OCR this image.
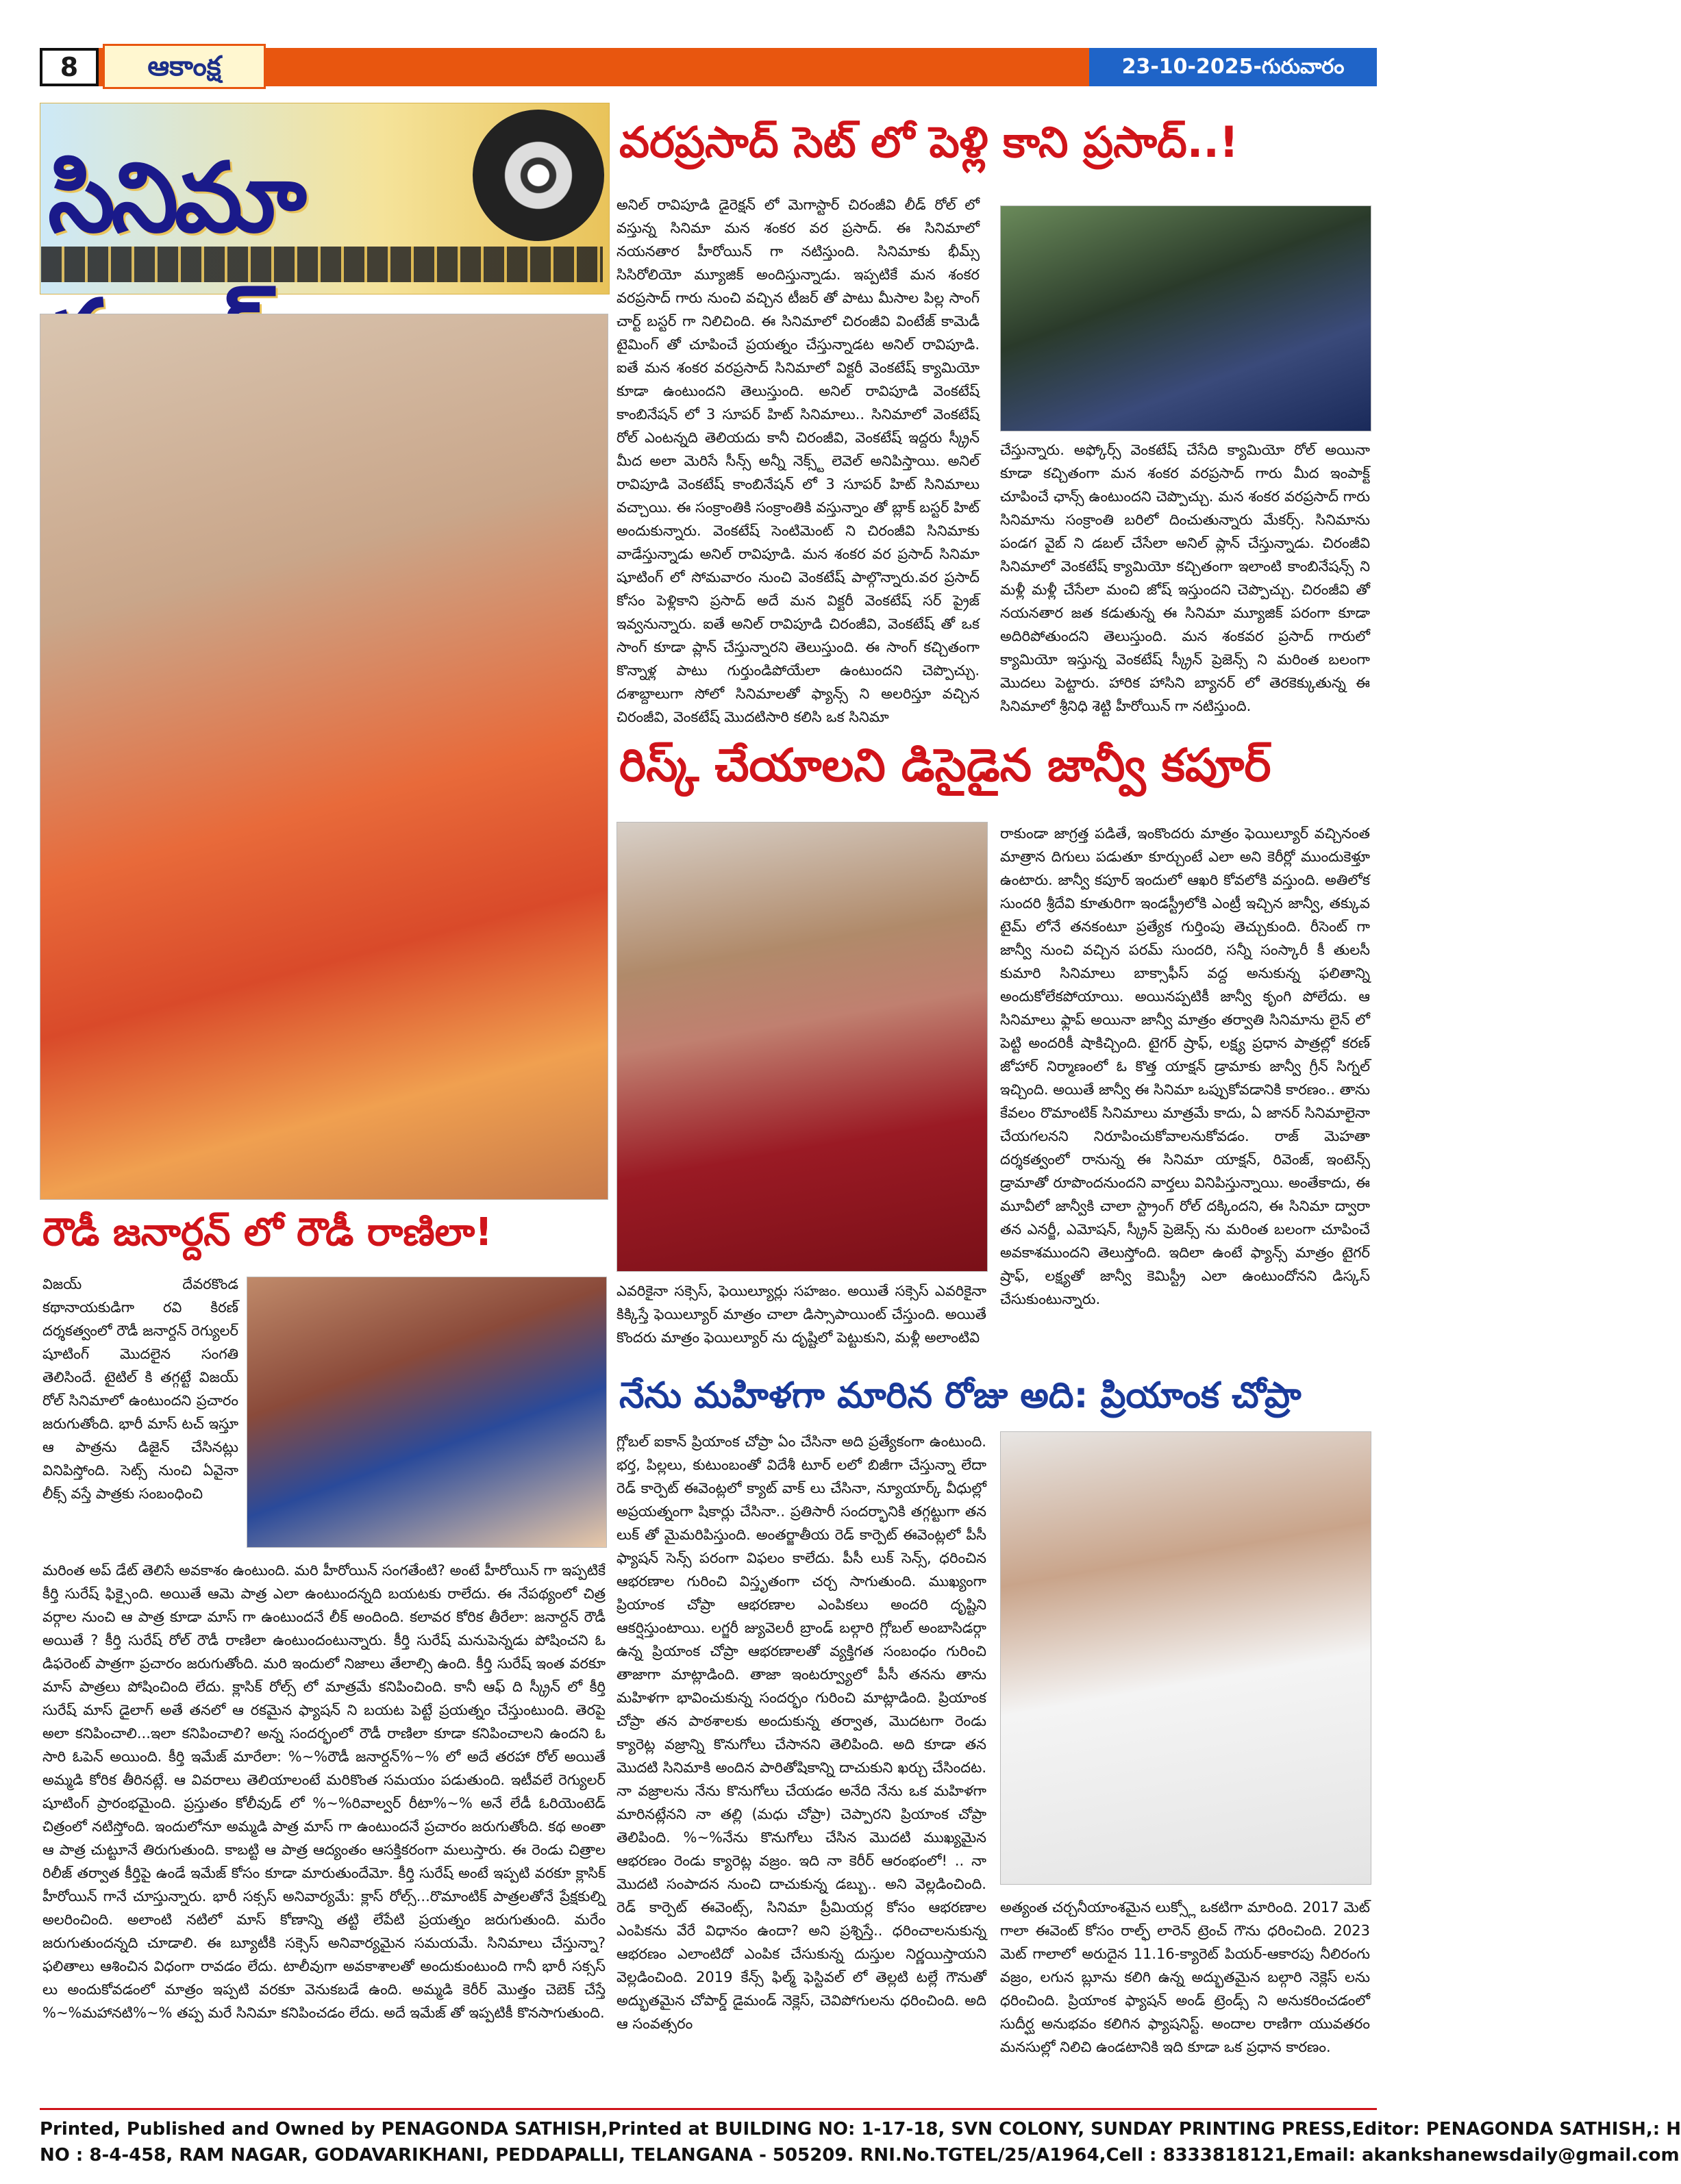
8	ఆకాంక్ష	23-10-2025-గురువారం
సినిమా
వరప్రసాద్ సెట్ లో పెళ్లి కాని ప్రసాద్..!
అనిల్ రావిపూడి డైరెక్షన్ లో మెగాస్టార్ చిరంజీవి లీడ్ రోల్ లో వస్తున్న సినిమా మన శంకర వర ప్రసాద్. ఈ సినిమాలో నయనతార హీరోయిన్ గా నటిస్తుంది. సినిమాకు భీమ్స్ సిసిరోలియో మ్యూజిక్ అందిస్తున్నాడు. ఇప్పటికే మన శంకర వరప్రసాద్ గారు నుంచి వచ్చిన టీజర్ తో పాటు మీసాల పిల్ల సాంగ్ చార్ట్ బస్టర్ గా నిలిచింది. ఈ సినిమాలో చిరంజీవి వింటేజ్ కామెడీ టైమింగ్ తో చూపించే ప్రయత్నం చేస్తున్నాడట అనిల్ రావిపూడి. ఐతే మన శంకర వరప్రసాద్ సినిమాలో విక్టరీ వెంకటేష్ క్యామియో కూడా ఉంటుందని తెలుస్తుంది. అనిల్ రావిపూడి వెంకటేష్ కాంబినేషన్ లో 3 సూపర్ హిట్ సినిమాలు.. సినిమాలో వెంకటేష్ రోల్ ఎంటన్నది తెలియదు కానీ చిరంజీవి, వెంకటేష్ ఇద్దరు స్క్రీన్ మీద అలా మెరిసే సీన్స్ అన్నీ నెక్స్ట్ లెవెల్ అనిపిస్తాయి. అనిల్ రావిపూడి వెంకటేష్ కాంబినేషన్ లో 3 సూపర్ హిట్ సినిమాలు వచ్చాయి. ఈ సంక్రాంతికి సంక్రాంతికి వస్తున్నాం తో బ్లాక్ బస్టర్ హిట్ అందుకున్నారు. వెంకటేష్ సెంటిమెంట్ ని చిరంజీవి సినిమాకు వాడేస్తున్నాడు అనిల్ రావిపూడి. మన శంకర వర ప్రసాద్ సినిమా షూటింగ్ లో సోమవారం నుంచి వెంకటేష్ పాల్గొన్నారు.వర ప్రసాద్ కోసం పెళ్లికాని ప్రసాద్ అదే మన విక్టరీ వెంకటేష్ సర్ ప్రైజ్ ఇవ్వనున్నారు. ఐతే అనిల్ రావిపూడి చిరంజీవి, వెంకటేష్ తో ఒక సాంగ్ కూడా ప్లాన్ చేస్తున్నారని తెలుస్తుంది. ఈ సాంగ్ కచ్చితంగా కొన్నాళ్ల పాటు గుర్తుండిపోయేలా ఉంటుందని చెప్పొచ్చు. దశాబ్దాలుగా సోలో సినిమాలతో ఫ్యాన్స్ ని అలరిస్తూ వచ్చిన చిరంజీవి, వెంకటేష్ మొదటిసారి కలిసి ఒక సినిమా
చేస్తున్నారు. అఫ్కోర్స్ వెంకటేష్ చేసేది క్యామియో రోల్ అయినా కూడా కచ్చితంగా మన శంకర వరప్రసాద్ గారు మీద ఇంపాక్ట్ చూపించే ఛాన్స్ ఉంటుందని చెప్పొచ్చు. మన శంకర వరప్రసాద్ గారు సినిమాను సంక్రాంతి బరిలో దించుతున్నారు మేకర్స్. సినిమాను పండగ వైబ్ ని డబల్ చేసేలా అనిల్ ప్లాన్ చేస్తున్నాడు. చిరంజీవి సినిమాలో వెంకటేష్ క్యామియో కచ్చితంగా ఇలాంటి కాంబినేషన్స్ ని మళ్లీ మళ్లీ చేసేలా మంచి జోష్ ఇస్తుందని చెప్పొచ్చు. చిరంజీవి తో నయనతార జత కడుతున్న ఈ సినిమా మ్యూజిక్ పరంగా కూడా అదిరిపోతుందని తెలుస్తుంది. మన శంకవర ప్రసాద్ గారులో క్యామియో ఇస్తున్న వెంకటేష్ స్క్రీన్ ప్రెజెన్స్ ని మరింత బలంగా మొదలు పెట్టారు. హారిక హాసిని బ్యానర్ లో తెరకెక్కుతున్న ఈ సినిమాలో శ్రీనిధి శెట్టి హీరోయిన్ గా నటిస్తుంది.
రిస్క్ చేయాలని డిసైడైన జాన్వీ కపూర్
రాకుండా జాగ్రత్త పడితే, ఇంకొందరు మాత్రం ఫెయిల్యూర్ వచ్చినంత మాత్రాన దిగులు పడుతూ కూర్చుంటే ఎలా అని కెరీర్లో ముందుకెళ్తూ ఉంటారు. జాన్వీ కపూర్ ఇందులో ఆఖరి కోవలోకి వస్తుంది. అతిలోక సుందరి శ్రీదేవి కూతురిగా ఇండస్ట్రీలోకి ఎంట్రీ ఇచ్చిన జాన్వీ, తక్కువ టైమ్ లోనే తనకంటూ ప్రత్యేక గుర్తింపు తెచ్చుకుంది. రీసెంట్ గా జాన్వీ నుంచి వచ్చిన పరమ్ సుందరి, సన్నీ సంస్కారీ కీ తులసీ కుమారి సినిమాలు బాక్సాఫీస్ వద్ద అనుకున్న ఫలితాన్ని అందుకోలేకపోయాయి. అయినప్పటికీ జాన్వీ కృంగి పోలేదు. ఆ సినిమాలు ఫ్లాప్ అయినా జాన్వీ మాత్రం తర్వాతి సినిమాను లైన్ లో పెట్టి అందరికీ షాకిచ్చింది. టైగర్ ష్రాఫ్, లక్ష్య ప్రధాన పాత్రల్లో కరణ్ జోహార్ నిర్మాణంలో ఓ కొత్త యాక్షన్ డ్రామాకు జాన్వీ గ్రీన్ సిగ్నల్ ఇచ్చింది. అయితే జాన్వీ ఈ సినిమా ఒప్పుకోవడానికి కారణం.. తాను కేవలం రొమాంటిక్ సినిమాలు మాత్రమే కాదు, ఏ జానర్ సినిమాలైనా చేయగలనని నిరూపించుకోవాలనుకోవడం. రాజ్ మెహతా దర్శకత్వంలో రానున్న ఈ సినిమా యాక్షన్, రివెంజ్, ఇంటెన్స్ డ్రామాతో రూపొందనుందని వార్తలు వినిపిస్తున్నాయి. అంతేకాదు, ఈ మూవీలో జాన్వీకి చాలా స్ట్రాంగ్ రోల్ దక్కిందని, ఈ సినిమా ద్వారా తన ఎనర్జీ, ఎమోషన్, స్క్రీన్ ప్రెజెన్స్ ను మరింత బలంగా చూపించే అవకాశముందని తెలుస్తోంది. ఇదిలా ఉంటే ఫ్యాన్స్ మాత్రం టైగర్ ష్రాఫ్, లక్ష్యతో జాన్వీ కెమిస్ట్రీ ఎలా ఉంటుందోనని డిస్కస్ చేసుకుంటున్నారు.
ఎవరికైనా సక్సెస్, ఫెయిల్యూర్లు సహజం. అయితే సక్సెస్ ఎవరికైనా కిక్కిస్తే ఫెయిల్యూర్ మాత్రం చాలా డిస్సాపాయింట్ చేస్తుంది. అయితే కొందరు మాత్రం ఫెయిల్యూర్ ను దృష్టిలో పెట్టుకుని, మళ్లీ అలాంటివి
నేను మహిళగా మారిన రోజు అది: ప్రియాంక చోప్రా
గ్లోబల్ ఐకాన్ ప్రియాంక చోప్రా ఏం చేసినా అది ప్రత్యేకంగా ఉంటుంది. భర్త, పిల్లలు, కుటుంబంతో విదేశీ టూర్ లలో బిజీగా చేస్తున్నా లేదా రెడ్ కార్పెట్ ఈవెంట్లలో క్యాట్ వాక్ లు చేసినా, న్యూయార్క్ వీధుల్లో అప్రయత్నంగా షికార్లు చేసినా.. ప్రతిసారీ సందర్భానికి తగ్గట్టుగా తన లుక్ తో మైమరిపిస్తుంది. అంతర్జాతీయ రెడ్ కార్పెట్ ఈవెంట్లలో పీసీ ఫ్యాషన్ సెన్స్ పరంగా విఫలం కాలేదు. పీసీ లుక్ సెన్స్, ధరించిన ఆభరణాల గురించి విస్తృతంగా చర్చ సాగుతుంది. ముఖ్యంగా ప్రియాంక చోప్రా ఆభరణాల ఎంపికలు అందరి దృష్టిని ఆకర్షిస్తుంటాయి. లగ్జరీ జ్యువెలరీ బ్రాండ్ బల్గారి గ్లోబల్ అంబాసిడర్గా ఉన్న ప్రియాంక చోప్రా ఆభరణాలతో వ్యక్తిగత సంబంధం గురించి తాజాగా మాట్లాడింది. తాజా ఇంటర్వ్యూలో పీసీ తనను తాను మహిళగా భావించుకున్న సందర్భం గురించి మాట్లాడింది. ప్రియాంక చోప్రా తన పాఠశాలకు అందుకున్న తర్వాత, మొదటగా రెండు క్యారెట్ల వజ్రాన్ని కొనుగోలు చేసానని తెలిపింది. అది కూడా తన మొదటి సినిమాకి అందిన పారితోషికాన్ని దాచుకుని ఖర్చు చేసిందట. నా వజ్రాలను నేను కొనుగోలు చేయడం అనేది నేను ఒక మహిళగా మారినట్లేనని నా తల్లి (మధు చోప్రా) చెప్పారని ప్రియాంక చోప్రా తెలిపింది. %~%నేను కొనుగోలు చేసిన మొదటి ముఖ్యమైన ఆభరణం రెండు క్యారెట్ల వజ్రం. ఇది నా కెరీర్ ఆరంభంలో! .. నా మొదటి సంపాదన నుంచి దాచుకున్న డబ్బు.. అని వెల్లడించింది. రెడ్ కార్పెట్ ఈవెంట్స్, సినిమా ప్రీమియర్ల కోసం ఆభరణాల ఎంపికను వేరే విధానం ఉందా? అని ప్రశ్నిస్తే.. ధరించాలనుకున్న ఆభరణం ఎలాంటిదో ఎంపిక చేసుకున్న దుస్తుల నిర్ణయిస్తాయని వెల్లడించింది. 2019 కేన్స్ ఫిల్మ్ ఫెస్టివల్ లో తెల్లటి టల్లే గౌనుతో అద్భుతమైన చోపార్డ్ డైమండ్ నెక్లెస్, చెవిపోగులను ధరించింది. అది ఆ సంవత్సరం
అత్యంత చర్చనీయాంశమైన లుక్స్లో ఒకటిగా మారింది. 2017 మెట్ గాలా ఈవెంట్ కోసం రాల్ఫ్ లారెన్ ట్రెంచ్ గౌను ధరించింది. 2023 మెట్ గాలాలో అరుదైన 11.16-క్యారెట్ పియర్-ఆకారపు నీలిరంగు వజ్రం, లగున బ్లూను కలిగి ఉన్న అద్భుతమైన బల్గారి నెక్లెస్ లను ధరించింది. ప్రియాంక ఫ్యాషన్ అండ్ ట్రెండ్స్ ని అనుకరించడంలో సుదీర్ఘ అనుభవం కలిగిన ఫ్యాషనిస్ట్. అందాల రాణిగా యువతరం మనసుల్లో నిలిచి ఉండటానికి ఇది కూడా ఒక ప్రధాన కారణం.
రౌడీ జనార్దన్ లో రౌడీ రాణిలా!
విజయ్ దేవరకొండ కథానాయకుడిగా రవి కిరణ్ దర్శకత్వంలో రౌడీ జనార్దన్ రెగ్యులర్ షూటింగ్ మొదలైన సంగతి తెలిసిందే. టైటిల్ కి తగ్గట్టే విజయ్ రోల్ సినిమాలో ఉంటుందని ప్రచారం జరుగుతోంది. భారీ మాస్ టచ్ ఇస్తూ ఆ పాత్రను డిజైన్ చేసినట్లు వినిపిస్తోంది. సెట్స్ నుంచి ఏవైనా లీక్స్ వస్తే పాత్రకు సంబంధించి
మరింత అప్ డేట్ తెలిసే అవకాశం ఉంటుంది. మరి హీరోయిన్ సంగతేంటి? అంటే హీరోయిన్ గా ఇప్పటికే కీర్తి సురేష్ ఫిక్సైంది. అయితే ఆమె పాత్ర ఎలా ఉంటుందన్నది బయటకు రాలేదు. ఈ నేపథ్యంలో చిత్ర వర్గాల నుంచి ఆ పాత్ర కూడా మాస్ గా ఉంటుందనే లీక్ అందింది. కలావర కోరిక తీరేలా: జనార్దన్ రౌడీ అయితే ? కీర్తి సురేష్ రోల్ రౌడీ రాణిలా ఉంటుందంటున్నారు. కీర్తి సురేష్ మనుపెన్నడు పోషించని ఓ డిఫరెంట్ పాత్రగా ప్రచారం జరుగుతోంది. మరి ఇందులో నిజాలు తేలాల్సి ఉంది. కీర్తి సురేష్ ఇంత వరకూ మాస్ పాత్రలు పోషించింది లేదు. క్లాసిక్ రోల్స్ లో మాత్రమే కనిపించింది. కానీ ఆఫ్ ది స్క్రీన్ లో కీర్తి సురేష్ మాస్ డైలాగ్ అతే తనలో ఆ రకమైన ఫ్యాషన్ ని బయట పెట్టే ప్రయత్నం చేస్తుంటుంది. తెరపై అలా కనిపించాలి...ఇలా కనిపించాలి? అన్న సందర్భంలో రౌడీ రాణిలా కూడా కనిపించాలని ఉందని ఓ సారి ఓపెన్ అయింది. కీర్తి ఇమేజ్ మారేలా: %~%రౌడీ జనార్దన్%~% లో అదే తరహా రోల్ అయితే అమ్మడి కోరిక తీరినట్లే. ఆ వివరాలు తెలియాలంటే మరికొంత సమయం పడుతుంది. ఇటీవలే రెగ్యులర్ షూటింగ్ ప్రారంభమైంది. ప్రస్తుతం కోలీవుడ్ లో %~%రివాల్వర్ రీటా%~% అనే లేడీ ఓరియెంటెడ్ చిత్రంలో నటిస్తోంది. ఇందులోనూ అమ్మడి పాత్ర మాస్ గా ఉంటుందనే ప్రచారం జరుగుతోంది. కథ అంతా ఆ పాత్ర చుట్టూనే తిరుగుతుంది. కాబట్టి ఆ పాత్ర ఆద్యంతం ఆసక్తికరంగా మలుస్తారు. ఈ రెండు చిత్రాల రిలీజ్ తర్వాత కీర్తిపై ఉండే ఇమేజ్ కోసం కూడా మారుతుందేమో. కీర్తి సురేష్ అంటే ఇప్పటి వరకూ క్లాసిక్ హీరోయిన్ గానే చూస్తున్నారు. భారీ సక్సస్ అనివార్యమే: క్లాస్ రోల్స్...రొమాంటిక్ పాత్రలతోనే ప్రేక్షకుల్ని అలరించింది. అలాంటి నటిలో మాస్ కోణాన్ని తట్టి లేపేటి ప్రయత్నం జరుగుతుంది. మరేం జరుగుతుందన్నది చూడాలి. ఈ బ్యూటీకి సక్సెస్ అనివార్యమైన సమయమే. సినిమాలు చేస్తున్నా? ఫలితాలు ఆశించిన విధంగా రావడం లేదు. టాలీవుగా అవకాశాలతో అందుకుంటుంది గానీ భారీ సక్సస్ లు అందుకోవడంలో మాత్రం ఇప్పటి వరకూ వెనుకబడే ఉంది. అమ్మడి కెరీర్ మొత్తం చెబెక్ చేస్తే %~%మహానటి%~% తప్ప మరే సినిమా కనిపించడం లేదు. అదే ఇమేజ్ తో ఇప్పటికీ కొనసాగుతుంది.
Printed, Published and Owned by PENAGONDA SATHISH,Printed at BUILDING NO: 1-17-18, SVN COLONY, SUNDAY PRINTING PRESS,Editor: PENAGONDA SATHISH,: H
NO : 8-4-458, RAM NAGAR, GODAVARIKHANI, PEDDAPALLI, TELANGANA - 505209. RNI.No.TGTEL/25/A1964,Cell : 8333818121,Email: akankshanewsdaily@gmail.com
